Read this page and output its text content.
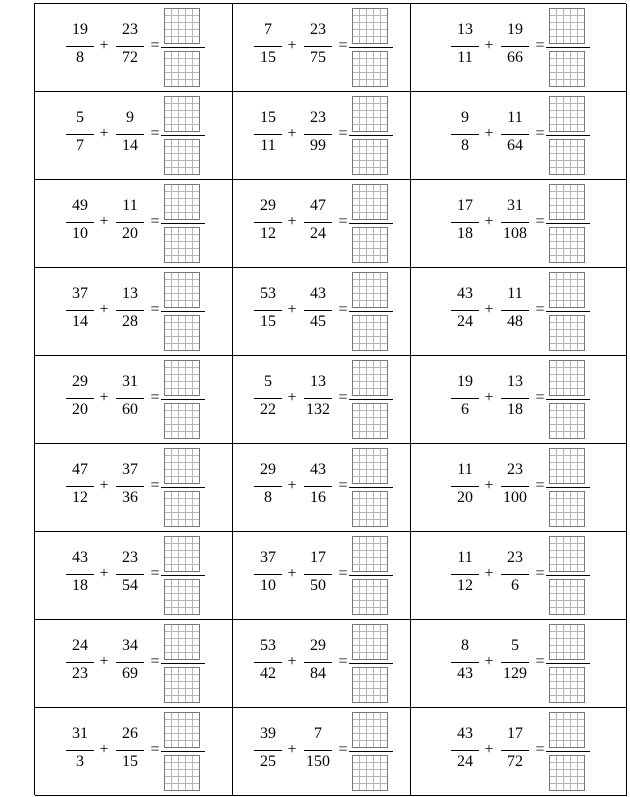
19
8
+
23
72
=
7
15
+
23
75
=
13
11
+
19
66
=
5
7
+
9
14
=
15
11
+
23
99
=
9
8
+
11
64
=
49
10
+
11
20
=
29
12
+
47
24
=
17
18
+
31
108
=
37
14
+
13
28
=
53
15
+
43
45
=
43
24
+
11
48
=
29
20
+
31
60
=
5
22
+
13
132
=
19
6
+
13
18
=
47
12
+
37
36
=
29
8
+
43
16
=
11
20
+
23
100
=
43
18
+
23
54
=
37
10
+
17
50
=
11
12
+
23
6
=
24
23
+
34
69
=
53
42
+
29
84
=
8
43
+
5
129
=
31
3
+
26
15
=
39
25
+
7
150
=
43
24
+
17
72
=
